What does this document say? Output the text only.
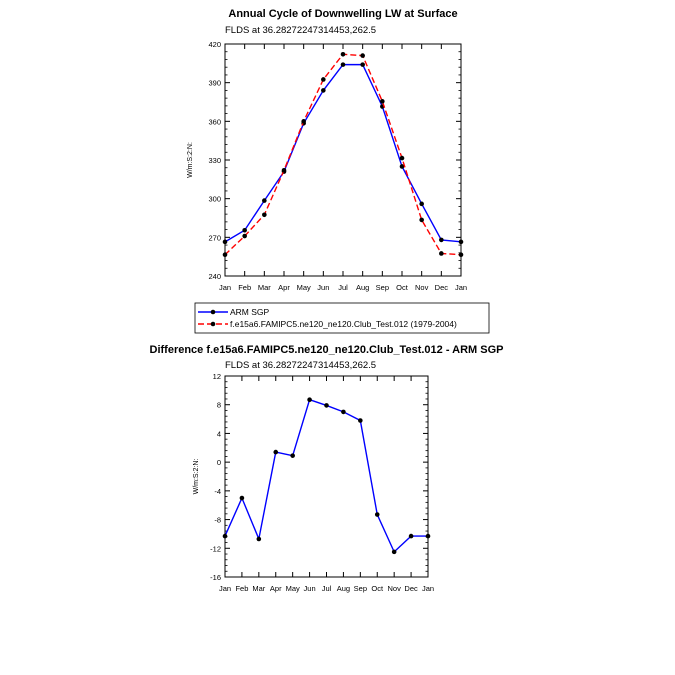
Annual Cycle of Downwelling LW at Surface
FLDS at 36.28272247314453,262.5
W/m:S:2:N:
240
270
300
330
360
390
420
Jan Feb Mar Apr May Jun Jul Aug Sep Oct Nov Dec Jan
ARM SGP
f.e15a6.FAMIPC5.ne120_ne120.Club_Test.012 (1979-2004)
Difference f.e15a6.FAMIPC5.ne120_ne120.Club_Test.012 - ARM SGP
FLDS at 36.28272247314453,262.5
W/m:S:2:N:
-16
-12
-8
-4
0
4
8
12
Jan Feb Mar Apr May Jun Jul Aug Sep Oct Nov Dec Jan
